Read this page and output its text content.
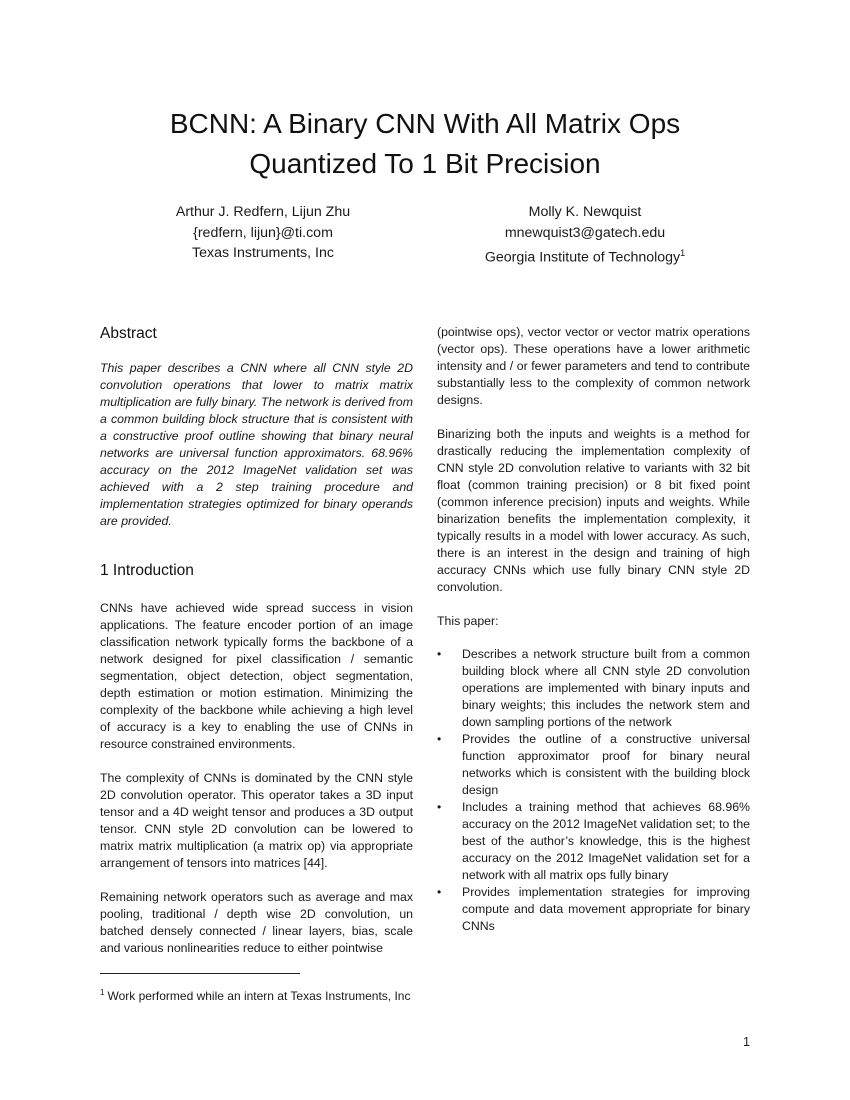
BCNN: A Binary CNN With All Matrix Ops
Quantized To 1 Bit Precision
Arthur J. Redfern, Lijun Zhu
{redfern, lijun}@ti.com
Texas Instruments, Inc
Molly K. Newquist
mnewquist3@gatech.edu
Georgia Institute of Technology$^1$
Abstract

This paper describes a CNN where all CNN style 2D convolution operations that lower to matrix matrix multiplication are fully binary. The network is derived from a common building block structure that is consistent with a constructive proof outline showing that binary neural networks are universal function approximators. 68.96% accuracy on the 2012 ImageNet validation set was achieved with a 2 step training procedure and implementation strategies optimized for binary operands are provided.

1 Introduction

CNNs have achieved wide spread success in vision applications. The feature encoder portion of an image classification network typically forms the backbone of a network designed for pixel classification / semantic segmentation, object detection, object segmentation, depth estimation or motion estimation. Minimizing the complexity of the backbone while achieving a high level of accuracy is a key to enabling the use of CNNs in resource constrained environments.

The complexity of CNNs is dominated by the CNN style 2D convolution operator. This operator takes a 3D input tensor and a 4D weight tensor and produces a 3D output tensor. CNN style 2D convolution can be lowered to matrix matrix multiplication (a matrix op) via appropriate arrangement of tensors into matrices [44].

Remaining network operators such as average and max pooling, traditional / depth wise 2D convolution, un batched densely connected / linear layers, bias, scale and various nonlinearities reduce to either pointwise

(pointwise ops), vector vector or vector matrix operations (vector ops). These operations have a lower arithmetic intensity and / or fewer parameters and tend to contribute substantially less to the complexity of common network designs.

Binarizing both the inputs and weights is a method for drastically reducing the implementation complexity of CNN style 2D convolution relative to variants with 32 bit float (common training precision) or 8 bit fixed point (common inference precision) inputs and weights. While binarization benefits the implementation complexity, it typically results in a model with lower accuracy. As such, there is an interest in the design and training of high accuracy CNNs which use fully binary CNN style 2D convolution.

This paper:

•	Describes a network structure built from a common building block where all CNN style 2D convolution operations are implemented with binary inputs and binary weights; this includes the network stem and down sampling portions of the network
•	Provides the outline of a constructive universal function approximator proof for binary neural networks which is consistent with the building block design
•	Includes a training method that achieves 68.96% accuracy on the 2012 ImageNet validation set; to the best of the author’s knowledge, this is the highest accuracy on the 2012 ImageNet validation set for a network with all matrix ops fully binary
•	Provides implementation strategies for improving compute and data movement appropriate for binary CNNs
$^1$ Work performed while an intern at Texas Instruments, Inc
1
